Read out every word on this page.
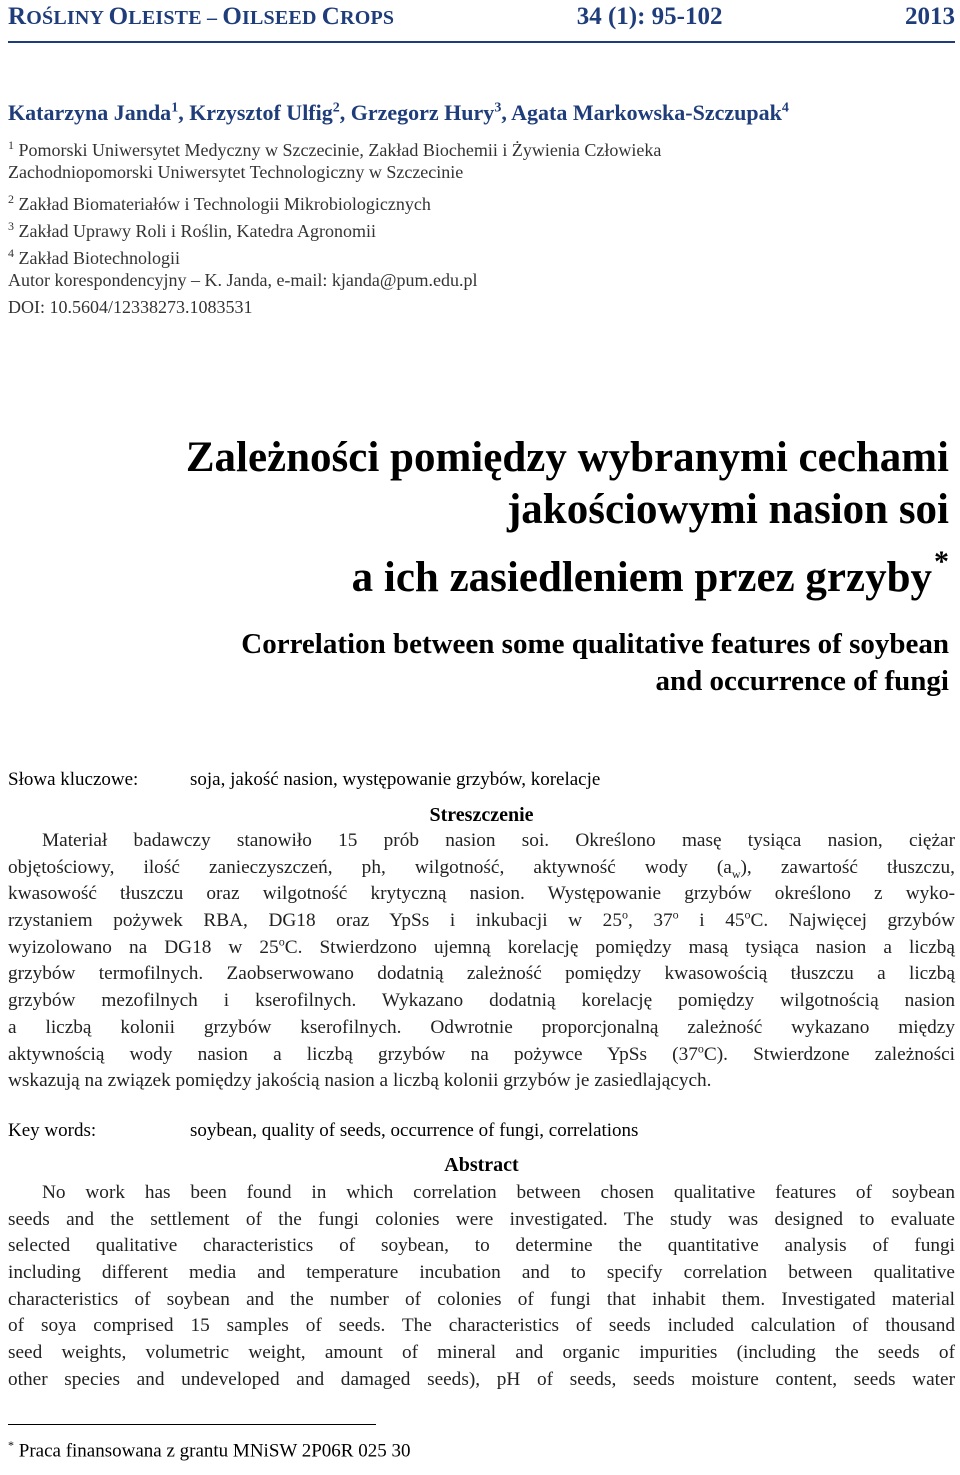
ROŚLINY OLEISTE – OILSEED CROPS	34 (1): 95-102	2013
Katarzyna Janda$^1$, Krzysztof Ulfig$^2$, Grzegorz Hury$^3$, Agata Markowska-Szczupak$^4$
$^1$ Pomorski Uniwersytet Medyczny w Szczecinie, Zakład Biochemii i Żywienia Człowieka
Zachodniopomorski Uniwersytet Technologiczny w Szczecinie
$^2$ Zakład Biomateriałów i Technologii Mikrobiologicznych
$^3$ Zakład Uprawy Roli i Roślin, Katedra Agronomii
$^4$ Zakład Biotechnologii
Autor korespondencyjny – K. Janda, e-mail: kjanda@pum.edu.pl
DOI: 10.5604/12338273.1083531
Zależności pomiędzy wybranymi cechami
jakościowymi nasion soi
a ich zasiedleniem przez grzyby*
Correlation between some qualitative features of soybean
and occurrence of fungi
Słowa kluczowe:	soja, jakość nasion, występowanie grzybów, korelacje
Streszczenie
Materiał badawczy stanowiło 15 prób nasion soi. Określono masę tysiąca nasion, ciężar
objętościowy, ilość zanieczyszczeń, ph, wilgotność, aktywność wody $(a_w)$, zawartość tłuszczu,
kwasowość tłuszczu oraz wilgotność krytyczną nasion. Występowanie grzybów określono z wyko-
rzystaniem pożywek RBA, DG18 oraz YpSs i inkubacji w 25$^o$, 37$^o$ i 45$^o$C. Najwięcej grzybów
wyizolowano na DG18 w 25$^o$C. Stwierdzono ujemną korelację pomiędzy masą tysiąca nasion a liczbą
grzybów termofilnych. Zaobserwowano dodatnią zależność pomiędzy kwasowością tłuszczu a liczbą
grzybów mezofilnych i kserofilnych. Wykazano dodatnią korelację pomiędzy wilgotnością nasion
a liczbą kolonii grzybów kserofilnych. Odwrotnie proporcjonalną zależność wykazano między
aktywnością wody nasion a liczbą grzybów na pożywce YpSs (37$^o$C). Stwierdzone zależności
wskazują na związek pomiędzy jakością nasion a liczbą kolonii grzybów je zasiedlających.
Key words:	soybean, quality of seeds, occurrence of fungi, correlations
Abstract
No work has been found in which correlation between chosen qualitative features of soybean
seeds and the settlement of the fungi colonies were investigated. The study was designed to evaluate
selected qualitative characteristics of soybean, to determine the quantitative analysis of fungi
including different media and temperature incubation and to specify correlation between qualitative
characteristics of soybean and the number of colonies of fungi that inhabit them. Investigated material
of soya comprised 15 samples of seeds. The characteristics of seeds included calculation of thousand
seed weights, volumetric weight, amount of mineral and organic impurities (including the seeds of
other species and undeveloped and damaged seeds), pH of seeds, seeds moisture content, seeds water
* Praca finansowana z grantu MNiSW 2P06R 025 30
